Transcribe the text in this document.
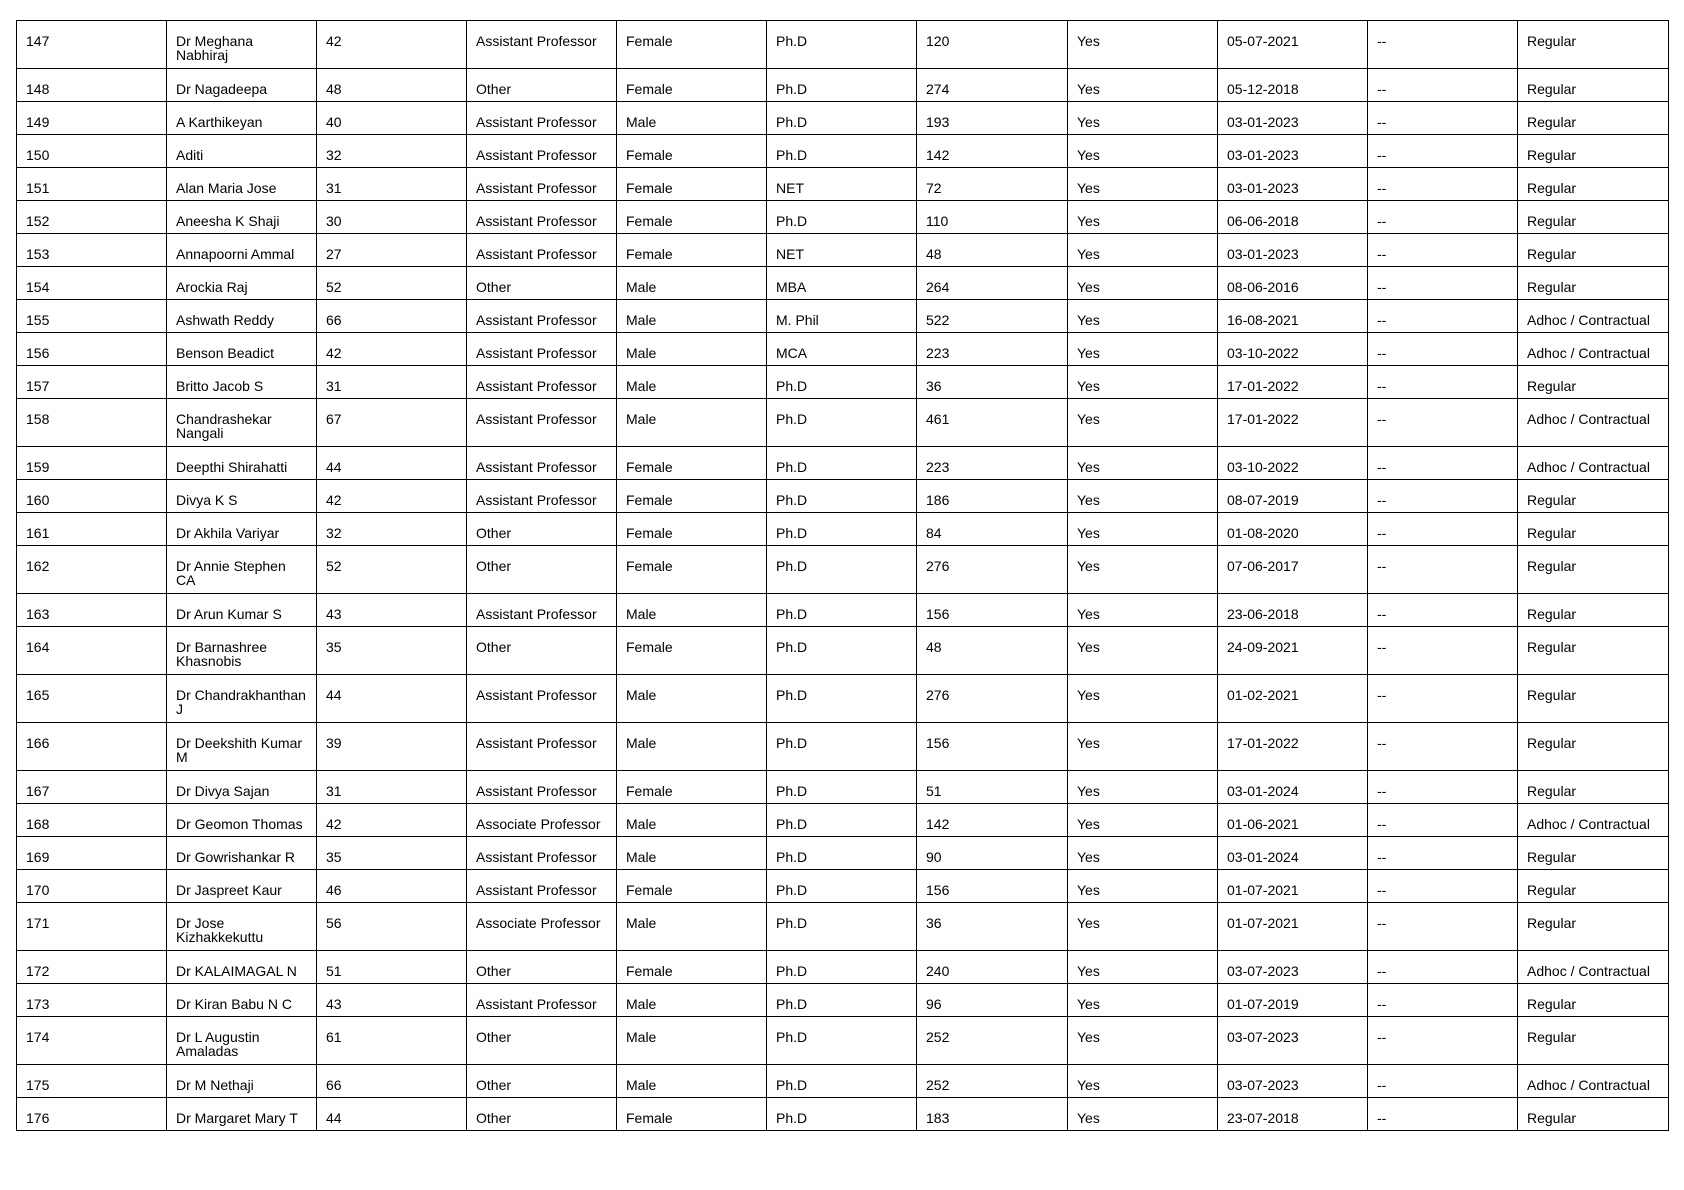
147	Dr Meghana Nabhiraj	42	Assistant Professor	Female	Ph.D	120	Yes	05-07-2021	--	Regular

148	Dr Nagadeepa	48	Other	Female	Ph.D	274	Yes	05-12-2018	--	Regular

149	A Karthikeyan	40	Assistant Professor	Male	Ph.D	193	Yes	03-01-2023	--	Regular

150	Aditi	32	Assistant Professor	Female	Ph.D	142	Yes	03-01-2023	--	Regular

151	Alan Maria Jose	31	Assistant Professor	Female	NET	72	Yes	03-01-2023	--	Regular

152	Aneesha K Shaji	30	Assistant Professor	Female	Ph.D	110	Yes	06-06-2018	--	Regular

153	Annapoorni Ammal	27	Assistant Professor	Female	NET	48	Yes	03-01-2023	--	Regular

154	Arockia Raj	52	Other	Male	MBA	264	Yes	08-06-2016	--	Regular

155	Ashwath Reddy	66	Assistant Professor	Male	M. Phil	522	Yes	16-08-2021	--	Adhoc / Contractual

156	Benson Beadict	42	Assistant Professor	Male	MCA	223	Yes	03-10-2022	--	Adhoc / Contractual

157	Britto Jacob S	31	Assistant Professor	Male	Ph.D	36	Yes	17-01-2022	--	Regular

158	Chandrashekar Nangali	67	Assistant Professor	Male	Ph.D	461	Yes	17-01-2022	--	Adhoc / Contractual

159	Deepthi Shirahatti	44	Assistant Professor	Female	Ph.D	223	Yes	03-10-2022	--	Adhoc / Contractual

160	Divya K S	42	Assistant Professor	Female	Ph.D	186	Yes	08-07-2019	--	Regular

161	Dr Akhila Variyar	32	Other	Female	Ph.D	84	Yes	01-08-2020	--	Regular

162	Dr Annie Stephen CA	52	Other	Female	Ph.D	276	Yes	07-06-2017	--	Regular

163	Dr Arun Kumar S	43	Assistant Professor	Male	Ph.D	156	Yes	23-06-2018	--	Regular

164	Dr Barnashree Khasnobis	35	Other	Female	Ph.D	48	Yes	24-09-2021	--	Regular

165	Dr Chandrakhanthan J	44	Assistant Professor	Male	Ph.D	276	Yes	01-02-2021	--	Regular

166	Dr Deekshith Kumar M	39	Assistant Professor	Male	Ph.D	156	Yes	17-01-2022	--	Regular

167	Dr Divya Sajan	31	Assistant Professor	Female	Ph.D	51	Yes	03-01-2024	--	Regular

168	Dr Geomon Thomas	42	Associate Professor	Male	Ph.D	142	Yes	01-06-2021	--	Adhoc / Contractual

169	Dr Gowrishankar R	35	Assistant Professor	Male	Ph.D	90	Yes	03-01-2024	--	Regular

170	Dr Jaspreet Kaur	46	Assistant Professor	Female	Ph.D	156	Yes	01-07-2021	--	Regular

171	Dr Jose Kizhakkekuttu	56	Associate Professor	Male	Ph.D	36	Yes	01-07-2021	--	Regular

172	Dr KALAIMAGAL N	51	Other	Female	Ph.D	240	Yes	03-07-2023	--	Adhoc / Contractual

173	Dr Kiran Babu N C	43	Assistant Professor	Male	Ph.D	96	Yes	01-07-2019	--	Regular

174	Dr L Augustin Amaladas	61	Other	Male	Ph.D	252	Yes	03-07-2023	--	Regular

175	Dr M Nethaji	66	Other	Male	Ph.D	252	Yes	03-07-2023	--	Adhoc / Contractual

176	Dr Margaret Mary T	44	Other	Female	Ph.D	183	Yes	23-07-2018	--	Regular
